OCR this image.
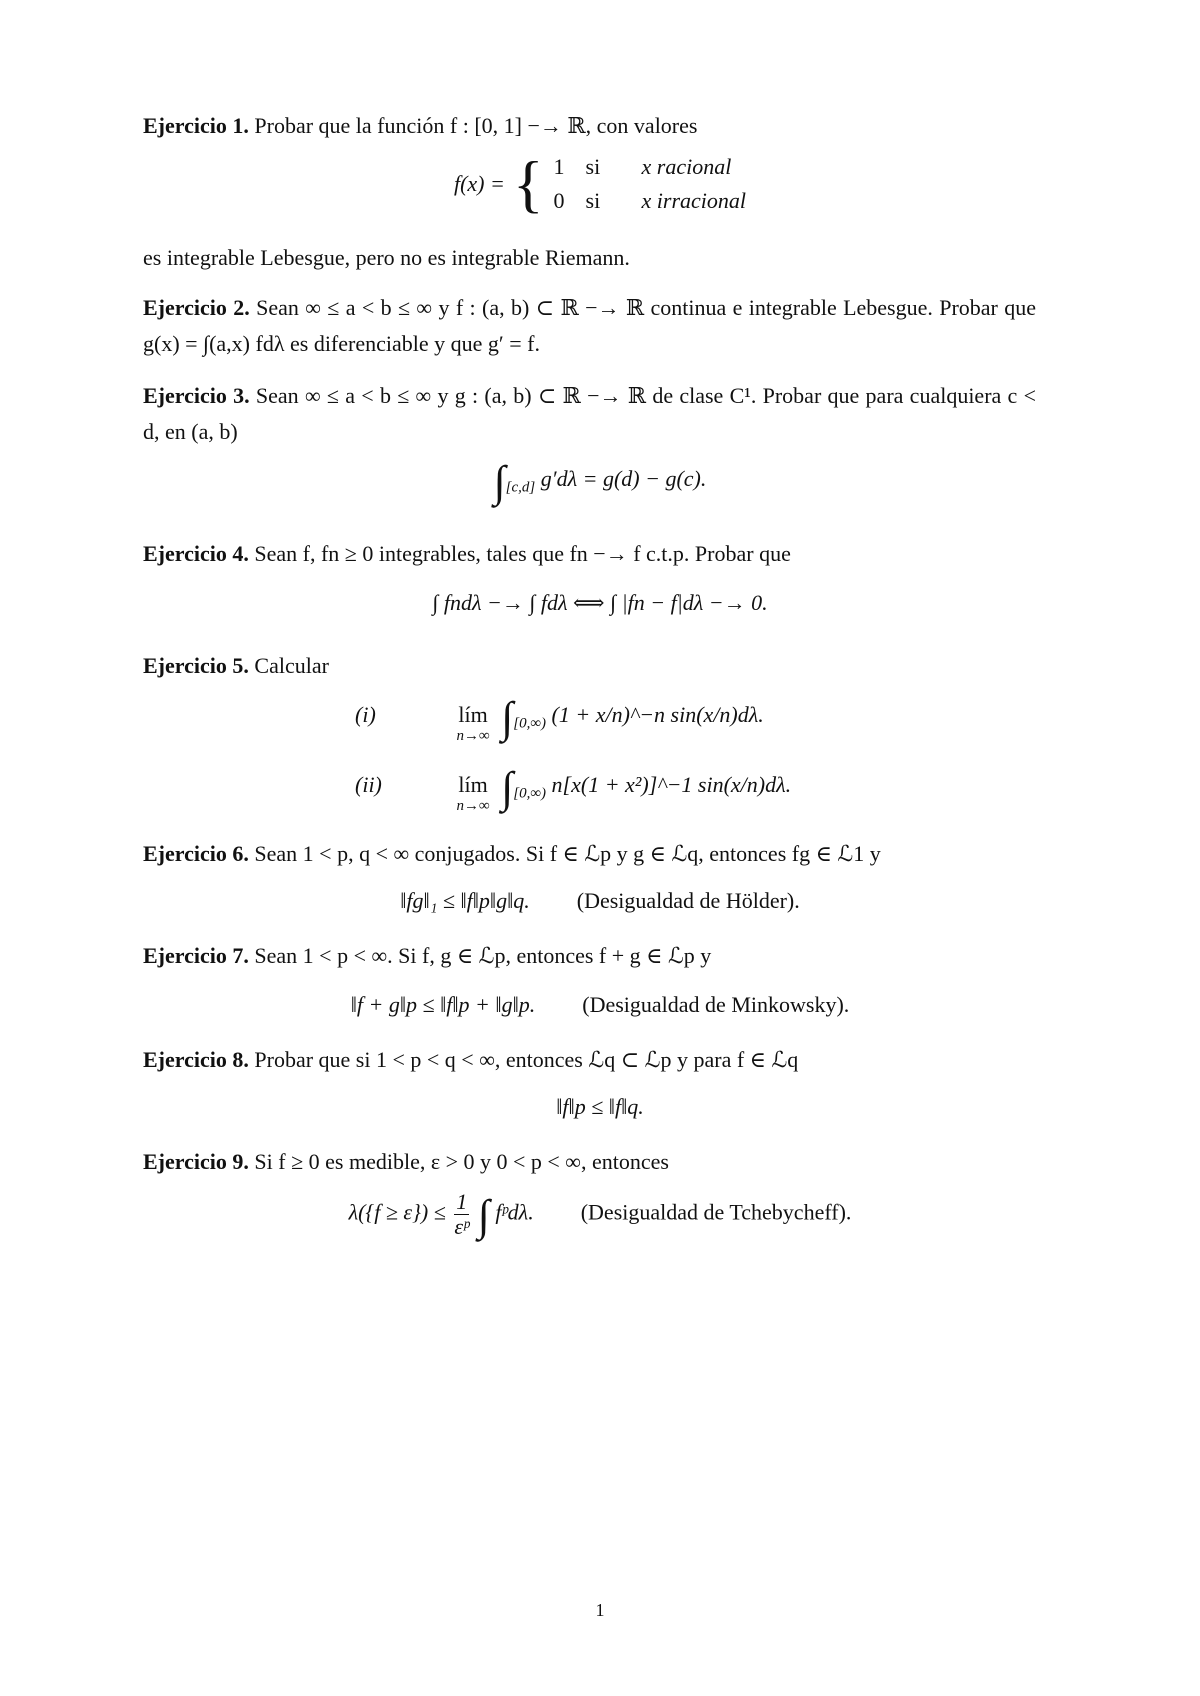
Ejercicio 1. Probar que la función f : [0, 1] −→ ℝ, con valores
f(x) = { 1 si	x racional
0 si	x irracional
es integrable Lebesgue, pero no es integrable Riemann.
Ejercicio 2. Sean ∞ ≤ a < b ≤ ∞ y f : (a, b) ⊂ ℝ −→ ℝ continua e integrable Lebesgue. Probar que g(x) = ∫(a,x) fdλ es diferenciable y que g′ = f.
Ejercicio 3. Sean ∞ ≤ a < b ≤ ∞ y g : (a, b) ⊂ ℝ −→ ℝ de clase C¹. Probar que para cualquiera c < d, en (a, b)
$\int_{[c,d]}$ g′dλ = g(d) − g(c).
Ejercicio 4. Sean f, fn ≥ 0 integrables, tales que fn −→ f c.t.p. Probar que
∫ fndλ −→ ∫ fdλ ⟺ ∫ |fn − f|dλ −→ 0.
Ejercicio 5. Calcular
(i)	lím
n→∞ $\int_{[0,\infty)}$ (1 + x/n)^−n sin(x/n)dλ.
(ii)	lím
n→∞ $\int_{[0,\infty)}$ n[x(1 + x²)]^−1 sin(x/n)dλ.
Ejercicio 6. Sean 1 < p, q < ∞ conjugados. Si f ∈ ℒp y g ∈ ℒq, entonces fg ∈ ℒ1 y
‖fg‖₁ ≤ ‖f‖p‖g‖q. (Desigualdad de Hölder).
Ejercicio 7. Sean 1 < p < ∞. Si f, g ∈ ℒp, entonces f + g ∈ ℒp y
‖f + g‖p ≤ ‖f‖p + ‖g‖p. (Desigualdad de Minkowsky).
Ejercicio 8. Probar que si 1 < p < q < ∞, entonces ℒq ⊂ ℒp y para f ∈ ℒq
‖f‖p ≤ ‖f‖q.
Ejercicio 9. Si f ≥ 0 es medible, ε > 0 y 0 < p < ∞, entonces
$\lambda(\{f \ge \varepsilon\}) \le \frac{1}{\text{εᵖ}}$ ∫ fᵖdλ. (Desigualdad de Tchebycheff).
1
